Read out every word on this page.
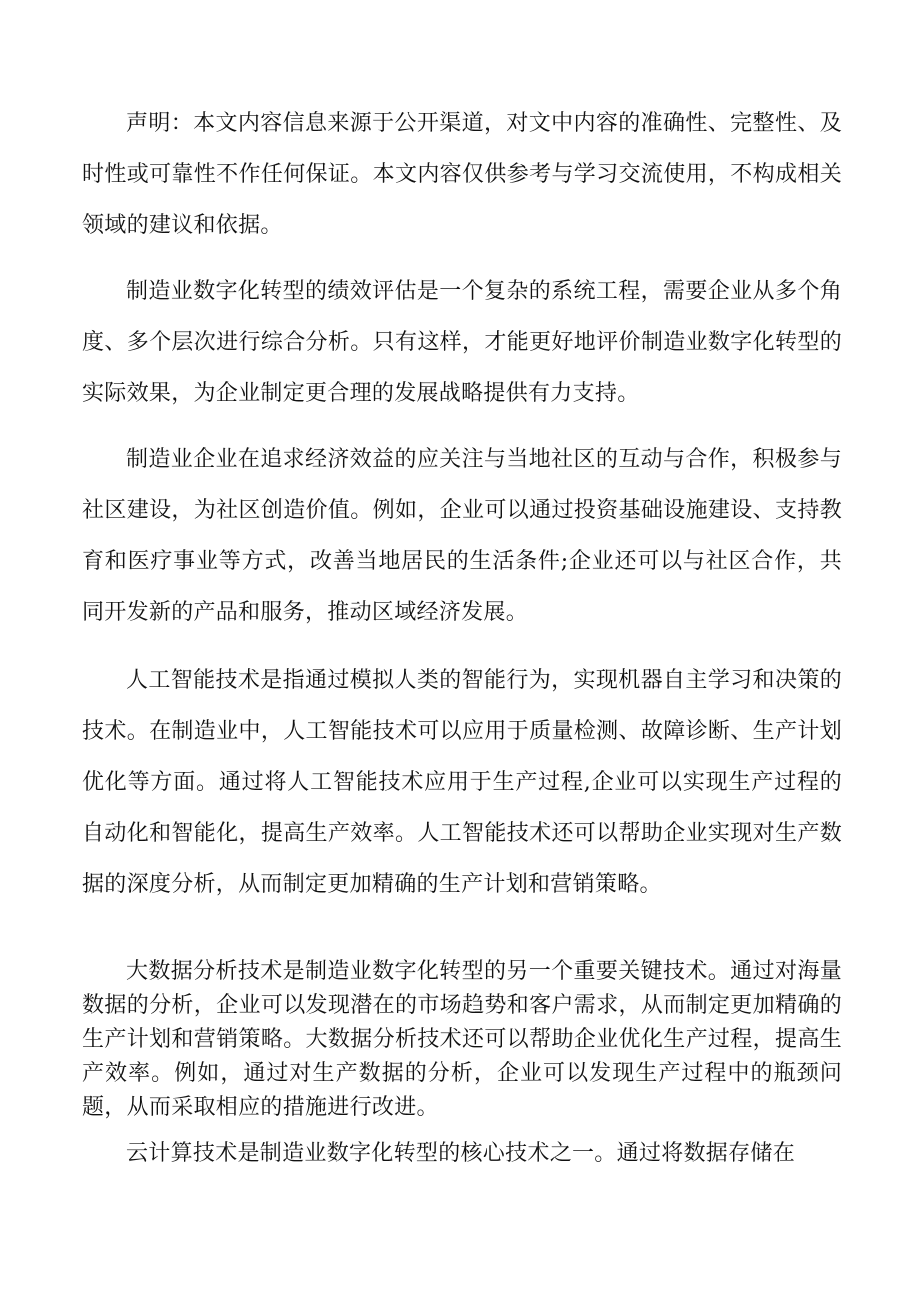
声明：本文内容信息来源于公开渠道，对文中内容的准确性、完整性、及时性或可靠性不作任何保证。本文内容仅供参考与学习交流使用，不构成相关领域的建议和依据。

制造业数字化转型的绩效评估是一个复杂的系统工程，需要企业从多个角度、多个层次进行综合分析。只有这样，才能更好地评价制造业数字化转型的实际效果，为企业制定更合理的发展战略提供有力支持。

制造业企业在追求经济效益的应关注与当地社区的互动与合作，积极参与社区建设，为社区创造价值。例如，企业可以通过投资基础设施建设、支持教育和医疗事业等方式，改善当地居民的生活条件;企业还可以与社区合作，共同开发新的产品和服务，推动区域经济发展。

人工智能技术是指通过模拟人类的智能行为，实现机器自主学习和决策的技术。在制造业中，人工智能技术可以应用于质量检测、故障诊断、生产计划优化等方面。通过将人工智能技术应用于生产过程,企业可以实现生产过程的自动化和智能化，提高生产效率。人工智能技术还可以帮助企业实现对生产数据的深度分析，从而制定更加精确的生产计划和营销策略。

大数据分析技术是制造业数字化转型的另一个重要关键技术。通过对海量数据的分析，企业可以发现潜在的市场趋势和客户需求，从而制定更加精确的生产计划和营销策略。大数据分析技术还可以帮助企业优化生产过程，提高生产效率。例如，通过对生产数据的分析，企业可以发现生产过程中的瓶颈问题，从而采取相应的措施进行改进。

云计算技术是制造业数字化转型的核心技术之一。通过将数据存储在
